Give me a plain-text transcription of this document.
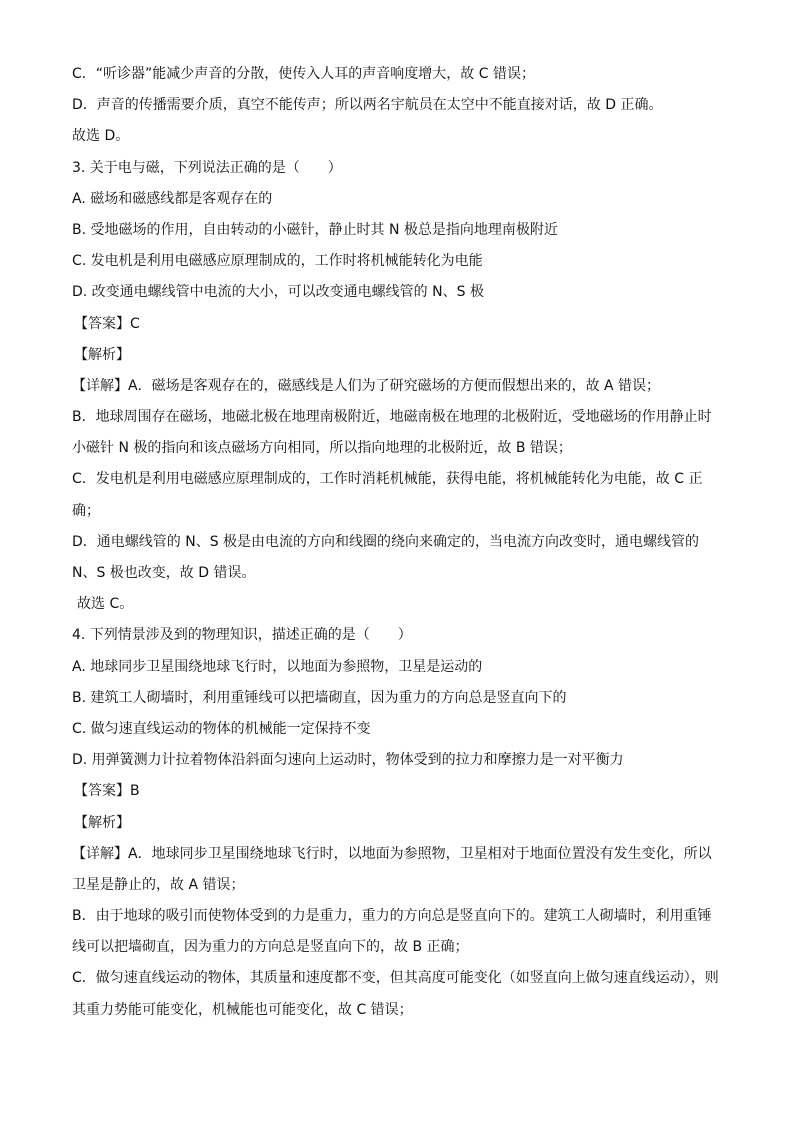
C．“听诊器”能减少声音的分散，使传入人耳的声音响度增大，故 C 错误；
D．声音的传播需要介质，真空不能传声；所以两名宇航员在太空中不能直接对话，故 D 正确。
故选 D。
3. 关于电与磁，下列说法正确的是（　　）
A. 磁场和磁感线都是客观存在的
B. 受地磁场的作用，自由转动的小磁针，静止时其 N 极总是指向地理南极附近
C. 发电机是利用电磁感应原理制成的，工作时将机械能转化为电能
D. 改变通电螺线管中电流的大小，可以改变通电螺线管的 N、S 极
【答案】C
【解析】
【详解】A．磁场是客观存在的，磁感线是人们为了研究磁场的方便而假想出来的，故 A 错误；
B．地球周围存在磁场，地磁北极在地理南极附近，地磁南极在地理的北极附近，受地磁场的作用静止时
小磁针 N 极的指向和该点磁场方向相同，所以指向地理的北极附近，故 B 错误；
C．发电机是利用电磁感应原理制成的，工作时消耗机械能，获得电能，将机械能转化为电能，故 C 正
确；
D．通电螺线管的 N、S 极是由电流的方向和线圈的绕向来确定的，当电流方向改变时，通电螺线管的
N、S 极也改变，故 D 错误。
故选 C。
4. 下列情景涉及到的物理知识，描述正确的是（　　）
A. 地球同步卫星围绕地球飞行时，以地面为参照物，卫星是运动的
B. 建筑工人砌墙时，利用重锤线可以把墙砌直，因为重力的方向总是竖直向下的
C. 做匀速直线运动的物体的机械能一定保持不变
D. 用弹簧测力计拉着物体沿斜面匀速向上运动时，物体受到的拉力和摩擦力是一对平衡力
【答案】B
【解析】
【详解】A．地球同步卫星围绕地球飞行时，以地面为参照物，卫星相对于地面位置没有发生变化，所以
卫星是静止的，故 A 错误；
B．由于地球的吸引而使物体受到的力是重力，重力的方向总是竖直向下的。建筑工人砌墙时，利用重锤
线可以把墙砌直，因为重力的方向总是竖直向下的，故 B 正确；
C．做匀速直线运动的物体，其质量和速度都不变，但其高度可能变化（如竖直向上做匀速直线运动），则
其重力势能可能变化，机械能也可能变化，故 C 错误；
